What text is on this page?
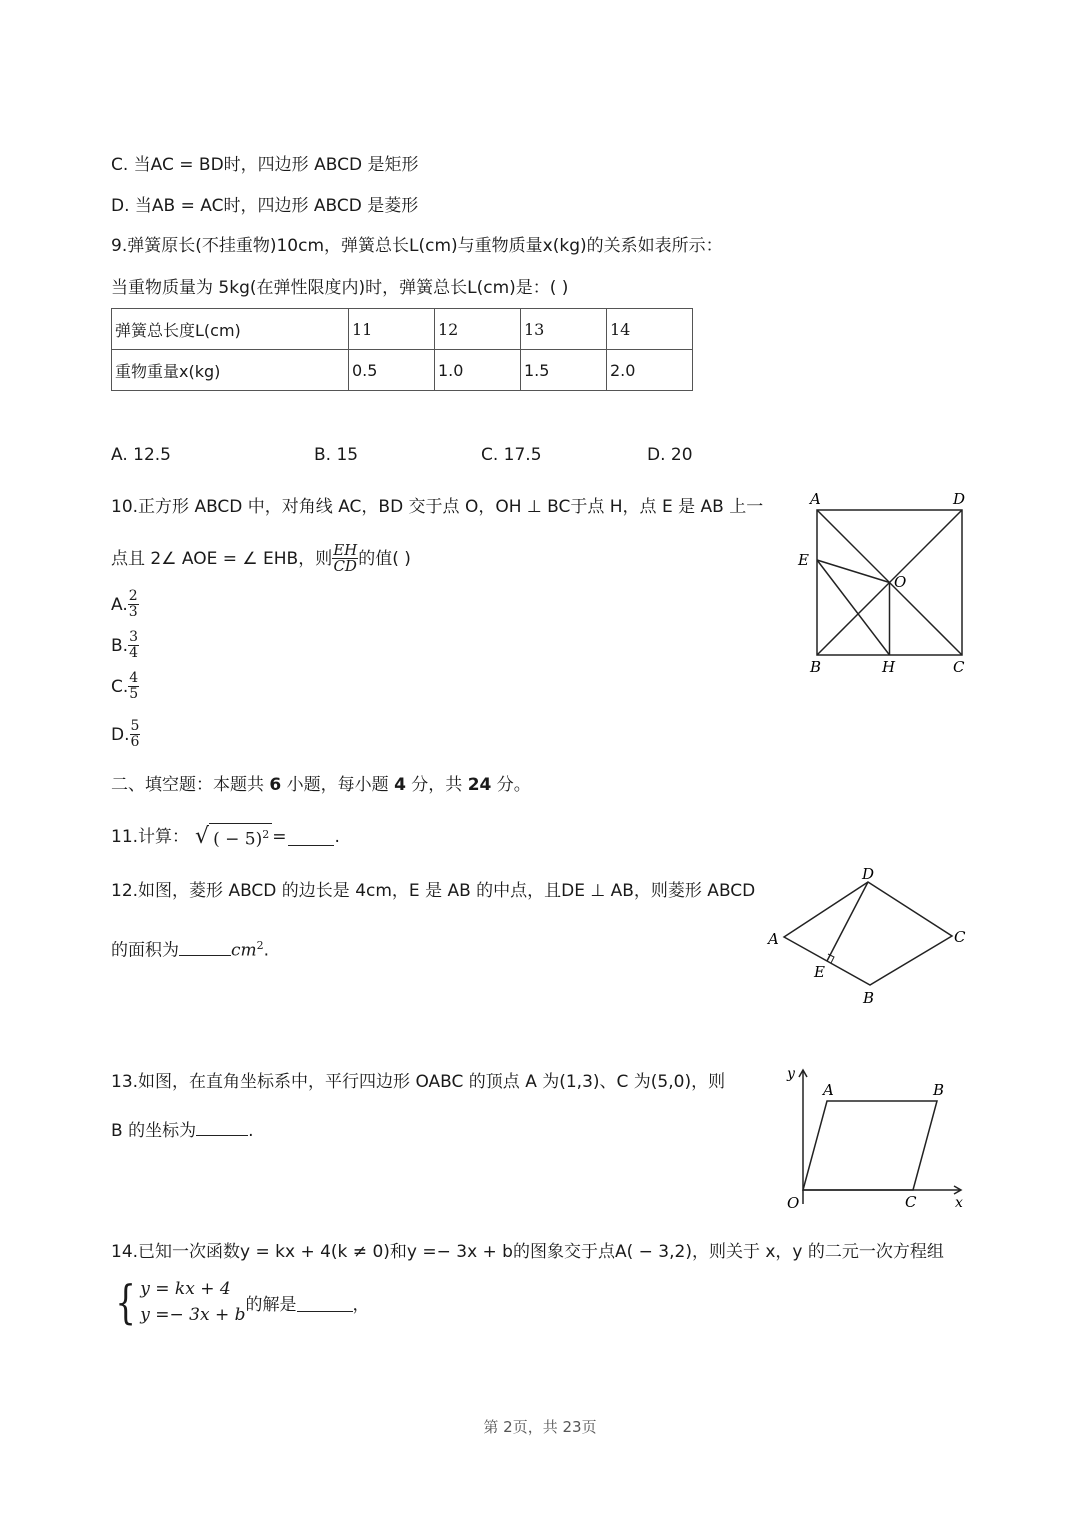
C. 当AC = BD时，四边形 ABCD 是矩形
D. 当AB = AC时，四边形 ABCD 是菱形
9.弹簧原长(不挂重物)10cm，弹簧总长L(cm)与重物质量x(kg)的关系如表所示：
当重物质量为 5kg(在弹性限度内)时，弹簧总长L(cm)是：( )
弹簧总长度L(cm)	11	12	13	14
重物重量x(kg)	0.5	1.0	1.5	2.0
A. 12.5	B. 15	C. 17.5	D. 20
10.正方形 ABCD 中，对角线 AC，BD 交于点 O，OH ⊥ BC于点 H，点 E 是 AB 上一
点且 2∠ AOE = ∠ EHB，则 $\frac{EH}{CD}$ 的值( )
A. $\frac{2}{3}$
B. $\frac{3}{4}$
C. $\frac{4}{5}$
D. $\frac{5}{6}$
A	D
E
O
B	H	C
二、填空题：本题共 6 小题，每小题 4 分，共 24 分。
11.计算： √ ( − 5)$^2$ =	.
12.如图，菱形 ABCD 的边长是 4cm，E 是 AB 的中点，且DE ⊥ AB，则菱形 ABCD
的面积为	$cm^2$.
A
D
C
E
B
13.如图，在直角坐标系中，平行四边形 OABC 的顶点 A 为(1,3)、C 为(5,0)，则
B 的坐标为	.
y
x
O
A	B
C
14.已知一次函数y = kx + 4(k ≠ 0)和y =− 3x + b的图象交于点A( − 3,2)，则关于 x，y 的二元一次方程组
{ y = kx + 4
y =− 3x + b
的解是	，
第 2页，共 23页
